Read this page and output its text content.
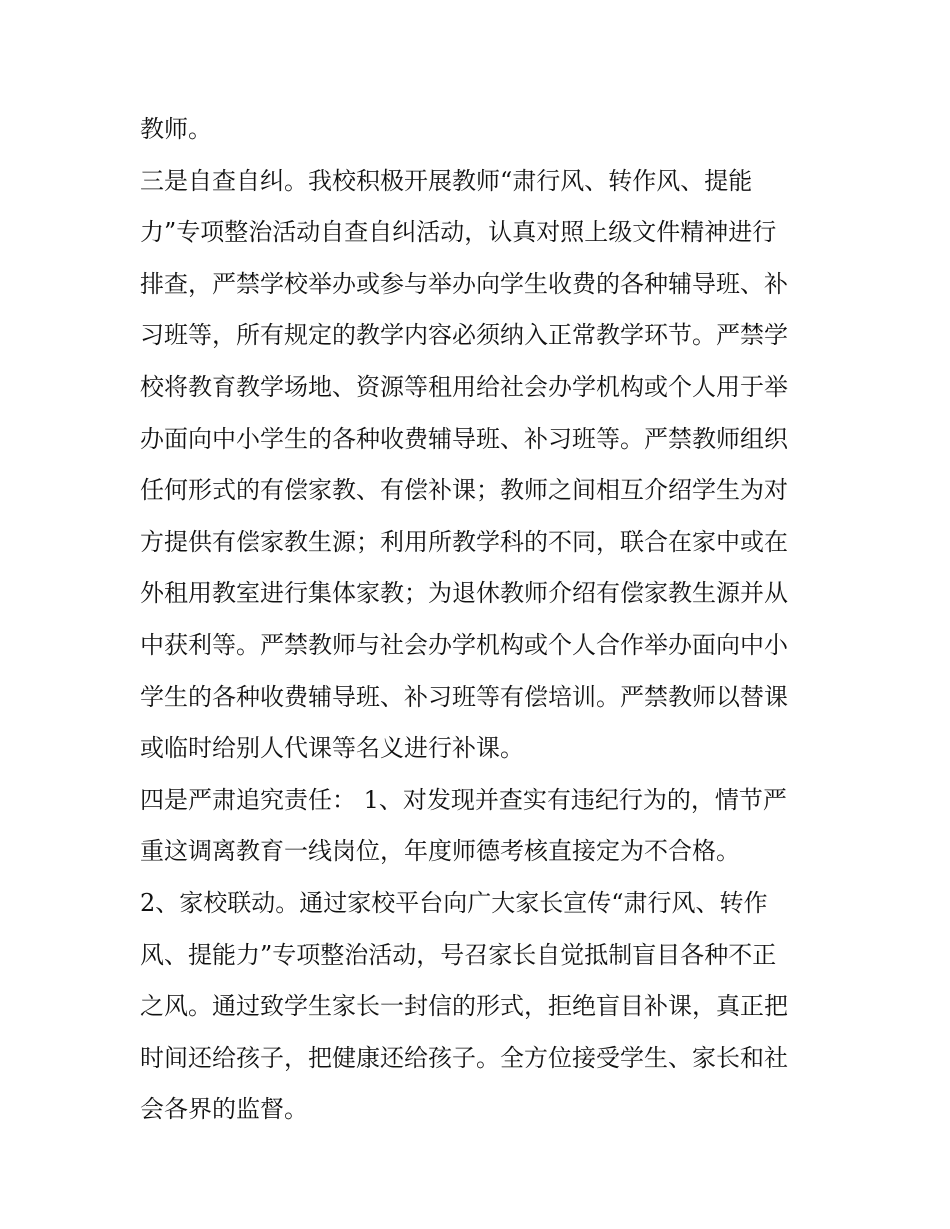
教师。
三是自查自纠。我校积极开展教师“肃行风、转作风、提能
力”专项整治活动自查自纠活动，认真对照上级文件精神进行
排查，严禁学校举办或参与举办向学生收费的各种辅导班、补
习班等，所有规定的教学内容必须纳入正常教学环节。严禁学
校将教育教学场地、资源等租用给社会办学机构或个人用于举
办面向中小学生的各种收费辅导班、补习班等。严禁教师组织
任何形式的有偿家教、有偿补课；教师之间相互介绍学生为对
方提供有偿家教生源；利用所教学科的不同，联合在家中或在
外租用教室进行集体家教；为退休教师介绍有偿家教生源并从
中获利等。严禁教师与社会办学机构或个人合作举办面向中小
学生的各种收费辅导班、补习班等有偿培训。严禁教师以替课
或临时给别人代课等名义进行补课。
四是严肃追究责任： 1、对发现并查实有违纪行为的，情节严
重这调离教育一线岗位，年度师德考核直接定为不合格。
2、家校联动。通过家校平台向广大家长宣传“肃行风、转作
风、提能力”专项整治活动，号召家长自觉抵制盲目各种不正
之风。通过致学生家长一封信的形式，拒绝盲目补课，真正把
时间还给孩子，把健康还给孩子。全方位接受学生、家长和社
会各界的监督。
